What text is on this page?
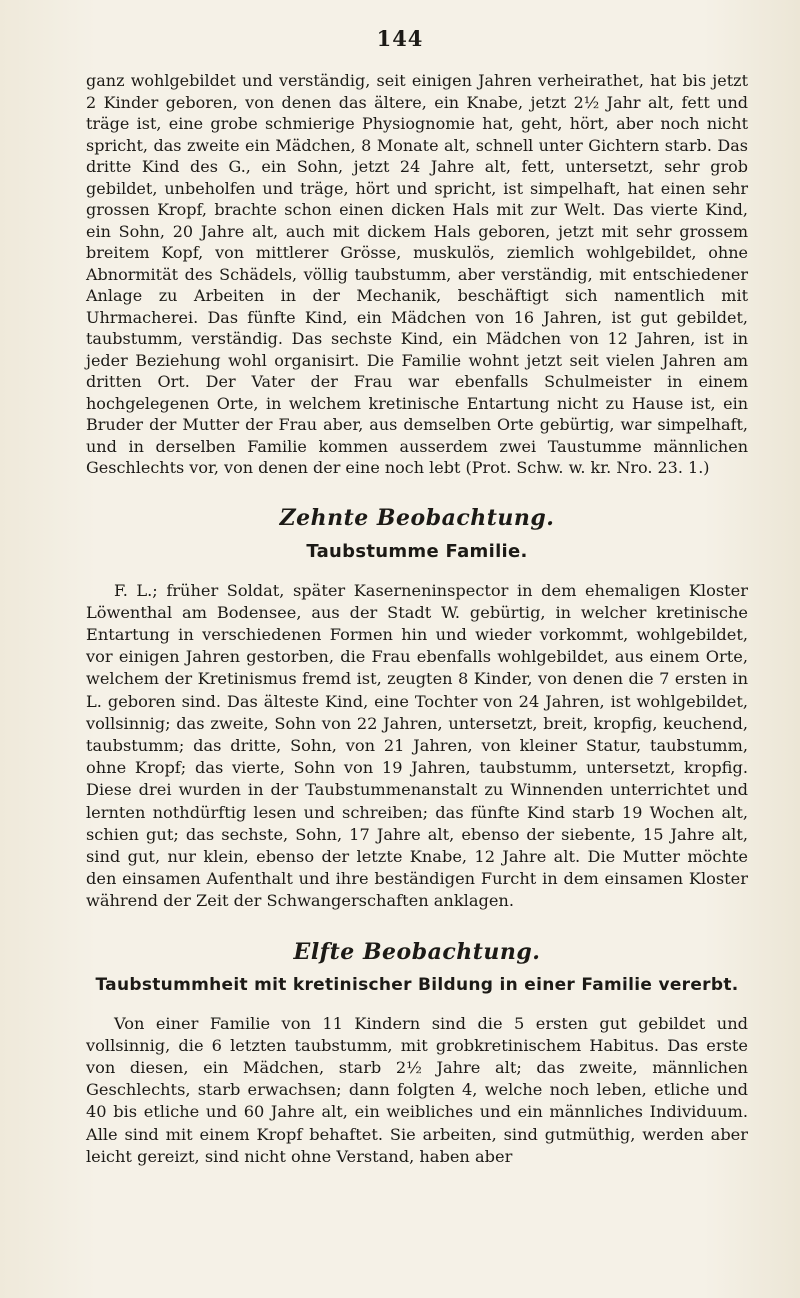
144

ganz wohlgebildet und verständig, seit einigen Jahren verheirathet, hat bis jetzt 2 Kinder geboren, von denen das ältere, ein Knabe, jetzt 2½ Jahr alt, fett und träge ist, eine grobe schmierige Physiognomie hat, geht, hört, aber noch nicht spricht, das zweite ein Mädchen, 8 Monate alt, schnell unter Gichtern starb. Das dritte Kind des G., ein Sohn, jetzt 24 Jahre alt, fett, untersetzt, sehr grob gebildet, unbeholfen und träge, hört und spricht, ist simpelhaft, hat einen sehr grossen Kropf, brachte schon einen dicken Hals mit zur Welt. Das vierte Kind, ein Sohn, 20 Jahre alt, auch mit dickem Hals geboren, jetzt mit sehr grossem breitem Kopf, von mittlerer Grösse, muskulös, ziemlich wohlgebildet, ohne Abnormität des Schädels, völlig taubstumm, aber verständig, mit entschiedener Anlage zu Arbeiten in der Mechanik, beschäftigt sich namentlich mit Uhrmacherei. Das fünfte Kind, ein Mädchen von 16 Jahren, ist gut gebildet, taubstumm, verständig. Das sechste Kind, ein Mädchen von 12 Jahren, ist in jeder Beziehung wohl organisirt. Die Familie wohnt jetzt seit vielen Jahren am dritten Ort. Der Vater der Frau war ebenfalls Schulmeister in einem hochgelegenen Orte, in welchem kretinische Entartung nicht zu Hause ist, ein Bruder der Mutter der Frau aber, aus demselben Orte gebürtig, war simpelhaft, und in derselben Familie kommen ausserdem zwei Taustumme männlichen Geschlechts vor, von denen der eine noch lebt (Prot. Schw. w. kr. Nro. 23. 1.)

Zehnte Beobachtung.
Taubstumme Familie.

F. L.; früher Soldat, später Kaserneninspector in dem ehemaligen Kloster Löwenthal am Bodensee, aus der Stadt W. gebürtig, in welcher kretinische Entartung in verschiedenen Formen hin und wieder vorkommt, wohlgebildet, vor einigen Jahren gestorben, die Frau ebenfalls wohlgebildet, aus einem Orte, welchem der Kretinismus fremd ist, zeugten 8 Kinder, von denen die 7 ersten in L. geboren sind. Das älteste Kind, eine Tochter von 24 Jahren, ist wohlgebildet, vollsinnig; das zweite, Sohn von 22 Jahren, untersetzt, breit, kropfig, keuchend, taubstumm; das dritte, Sohn, von 21 Jahren, von kleiner Statur, taubstumm, ohne Kropf; das vierte, Sohn von 19 Jahren, taubstumm, untersetzt, kropfig. Diese drei wurden in der Taubstummenanstalt zu Winnenden unterrichtet und lernten nothdürftig lesen und schreiben; das fünfte Kind starb 19 Wochen alt, schien gut; das sechste, Sohn, 17 Jahre alt, ebenso der siebente, 15 Jahre alt, sind gut, nur klein, ebenso der letzte Knabe, 12 Jahre alt. Die Mutter möchte den einsamen Aufenthalt und ihre beständigen Furcht in dem einsamen Kloster während der Zeit der Schwangerschaften anklagen.

Elfte Beobachtung.
Taubstummheit mit kretinischer Bildung in einer Familie vererbt.

Von einer Familie von 11 Kindern sind die 5 ersten gut gebildet und vollsinnig, die 6 letzten taubstumm, mit grobkretinischem Habitus. Das erste von diesen, ein Mädchen, starb 2½ Jahre alt; das zweite, männlichen Geschlechts, starb erwachsen; dann folgten 4, welche noch leben, etliche und 40 bis etliche und 60 Jahre alt, ein weibliches und ein männliches Individuum. Alle sind mit einem Kropf behaftet. Sie arbeiten, sind gutmüthig, werden aber leicht gereizt, sind nicht ohne Verstand, haben aber
